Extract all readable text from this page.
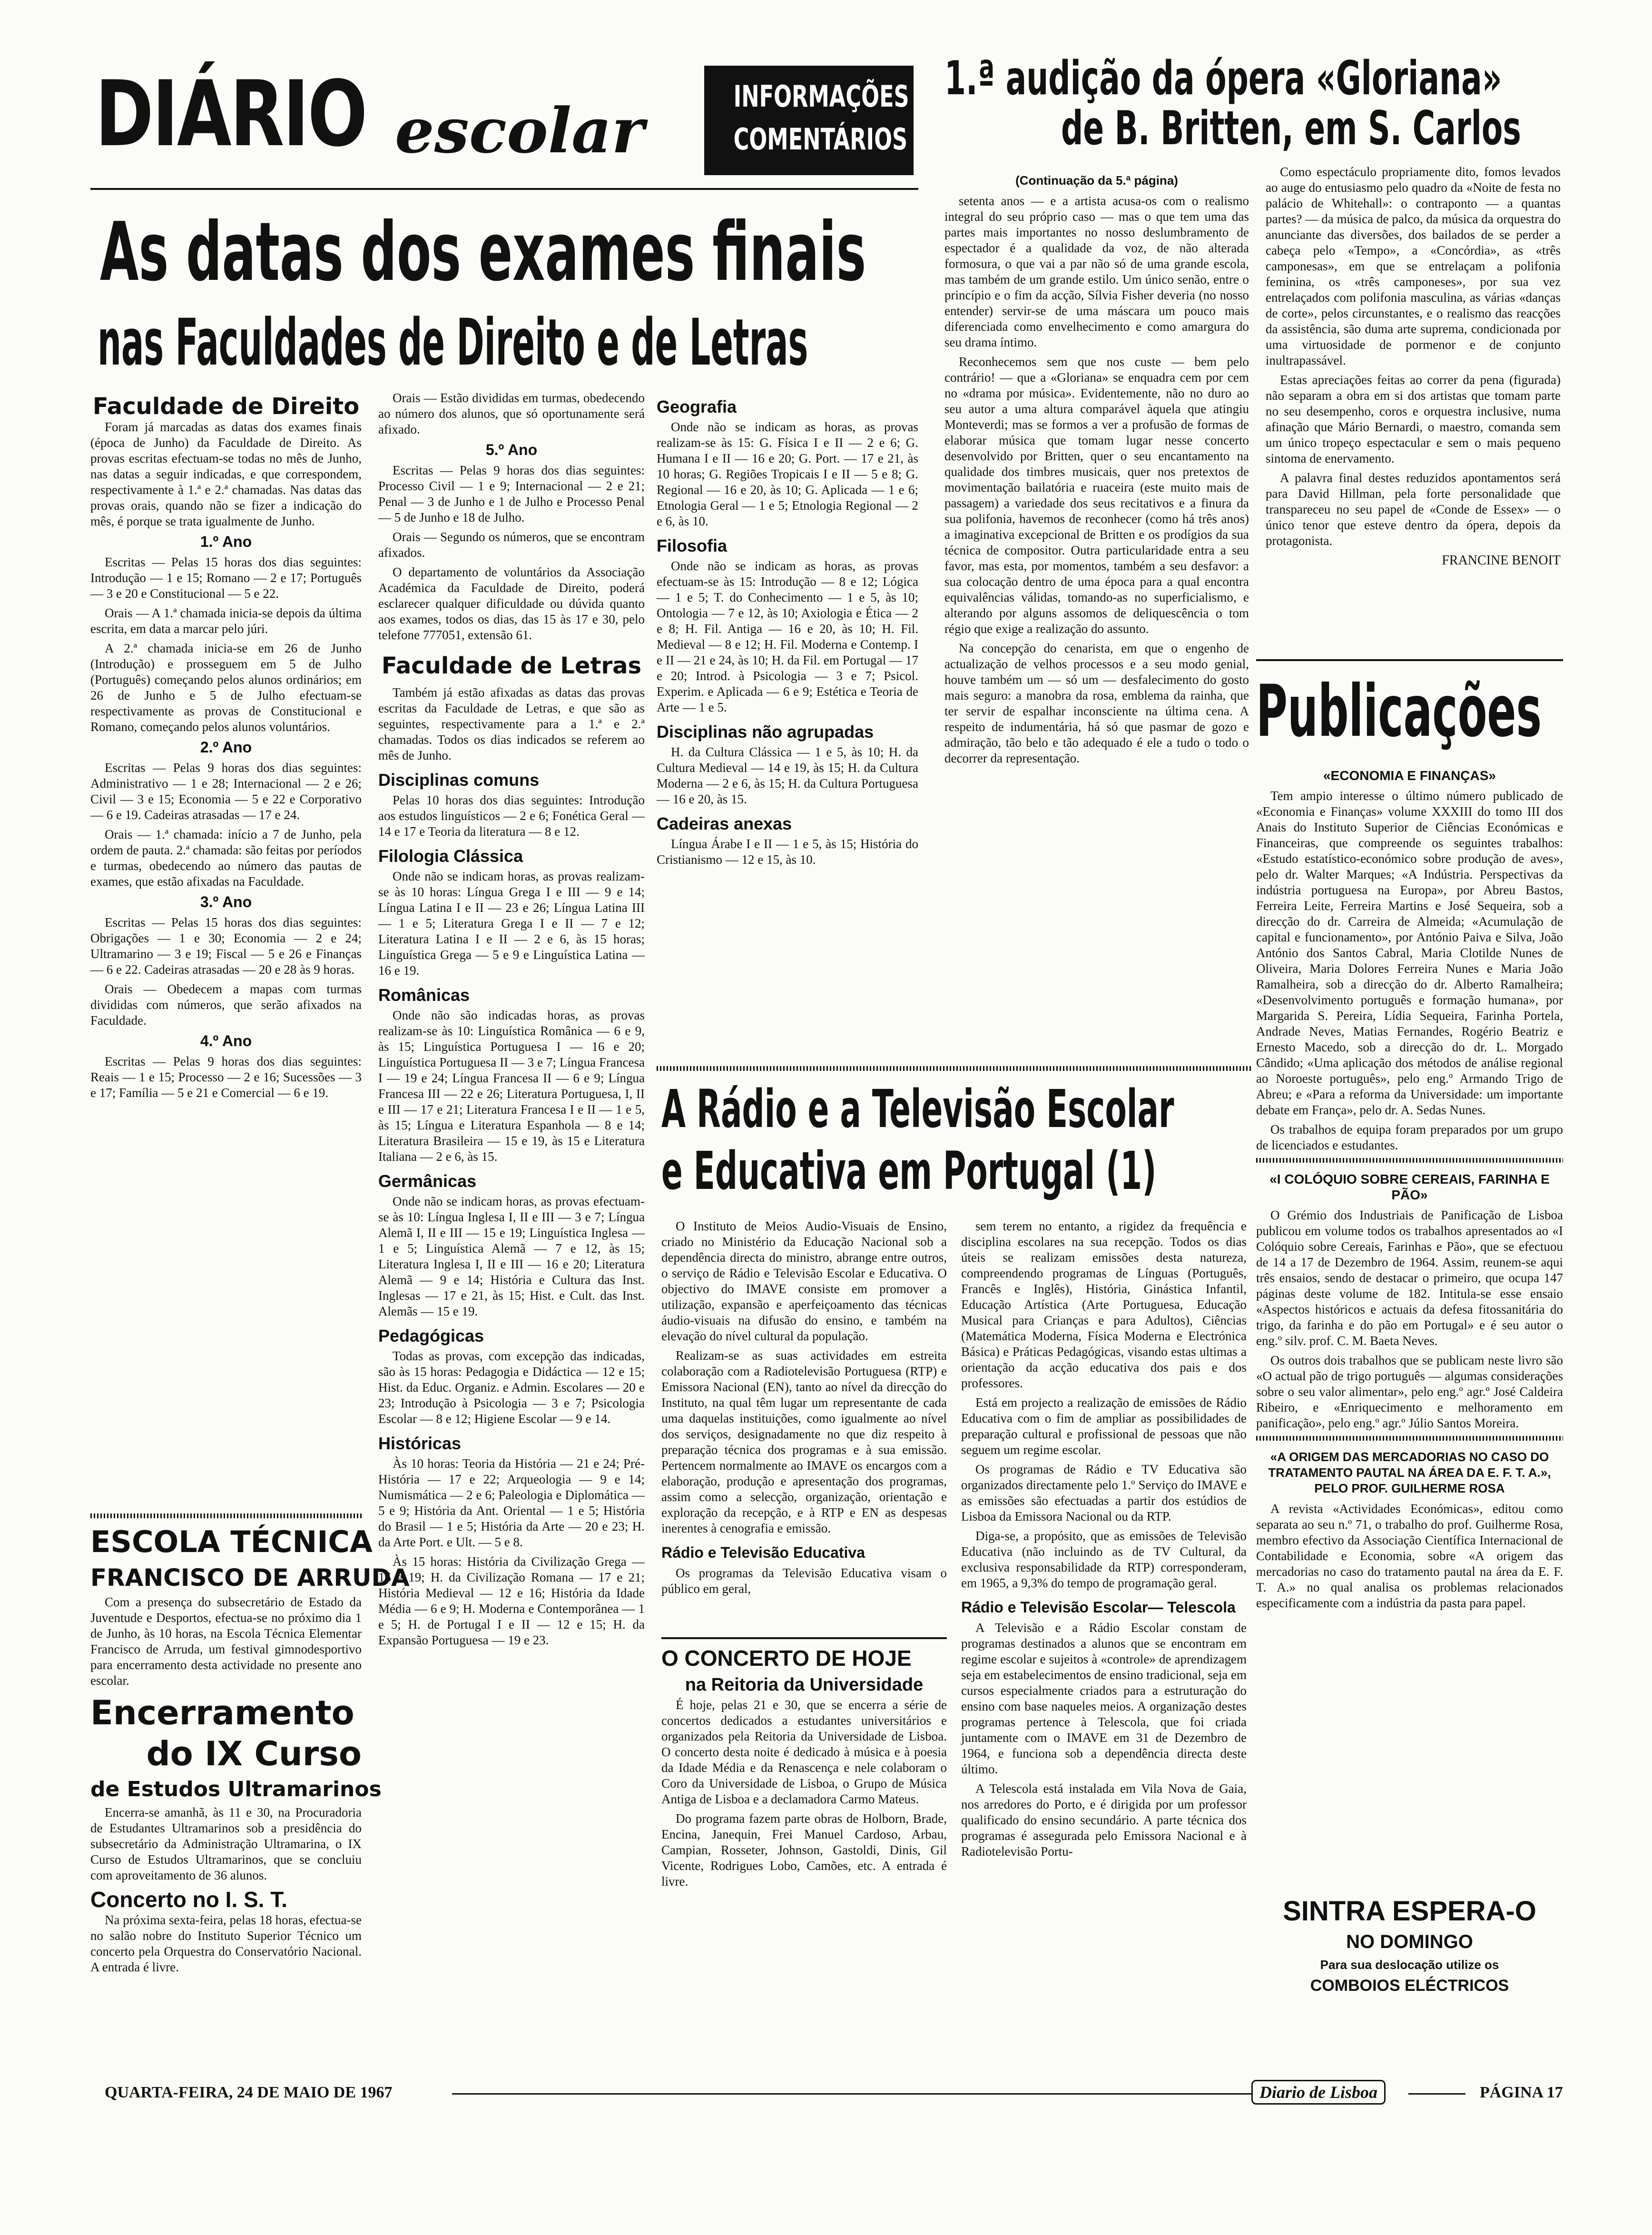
DIÁRIO escolar	INFORMAÇÕES
COMENTÁRIOS
As datas dos exames finais
nas Faculdades de Direito e de Letras
Faculdade de Direito

Foram já marcadas as datas dos exames finais (época de Junho) da Faculdade de Direito. As provas escritas efectuam-se todas no mês de Junho, nas datas a seguir indicadas, e que correspondem, respectivamente à 1.ª e 2.ª chamadas. Nas datas das provas orais, quando não se fizer a indicação do mês, é porque se trata igualmente de Junho.

1.º Ano

Escritas — Pelas 15 horas dos dias seguintes: Introdução — 1 e 15; Romano — 2 e 17; Português — 3 e 20 e Constitucional — 5 e 22.

Orais — A 1.ª chamada inicia-se depois da última escrita, em data a marcar pelo júri.

A 2.ª chamada inicia-se em 26 de Junho (Introdução) e prosseguem em 5 de Julho (Português) começando pelos alunos ordinários; em 26 de Junho e 5 de Julho efectuam-se respectivamente as provas de Constitucional e Romano, começando pelos alunos voluntários.

2.º Ano

Escritas — Pelas 9 horas dos dias seguintes: Administrativo — 1 e 28; Internacional — 2 e 26; Civil — 3 e 15; Economia — 5 e 22 e Corporativo — 6 e 19. Cadeiras atrasadas — 17 e 24.

Orais — 1.ª chamada: início a 7 de Junho, pela ordem de pauta. 2.ª chamada: são feitas por períodos e turmas, obedecendo ao número das pautas de exames, que estão afixadas na Faculdade.

3.º Ano

Escritas — Pelas 15 horas dos dias seguintes: Obrigações — 1 e 30; Economia — 2 e 24; Ultramarino — 3 e 19; Fiscal — 5 e 26 e Finanças — 6 e 22. Cadeiras atrasadas — 20 e 28 às 9 horas.

Orais — Obedecem a mapas com turmas divididas com números, que serão afixados na Faculdade.

4.º Ano

Escritas — Pelas 9 horas dos dias seguintes: Reais — 1 e 15; Processo — 2 e 16; Sucessões — 3 e 17; Família — 5 e 21 e Comercial — 6 e 19.

ESCOLA TÉCNICA
FRANCISCO DE ARRUDA

Com a presença do subsecretário de Estado da Juventude e Desportos, efectua-se no próximo dia 1 de Junho, às 10 horas, na Escola Técnica Elementar Francisco de Arruda, um festival gimnodesportivo para encerramento desta actividade no presente ano escolar.

Encerramento
do IX Curso
de Estudos Ultramarinos

Encerra-se amanhã, às 11 e 30, na Procuradoria de Estudantes Ultramarinos sob a presidência do subsecretário da Administração Ultramarina, o IX Curso de Estudos Ultramarinos, que se concluiu com aproveitamento de 36 alunos.

Concerto no I. S. T.

Na próxima sexta-feira, pelas 18 horas, efectua-se no salão nobre do Instituto Superior Técnico um concerto pela Orquestra do Conservatório Nacional. A entrada é livre.

Orais — Estão divididas em turmas, obedecendo ao número dos alunos, que só oportunamente será afixado.

5.º Ano

Escritas — Pelas 9 horas dos dias seguintes: Processo Civil — 1 e 9; Internacional — 2 e 21; Penal — 3 de Junho e 1 de Julho e Processo Penal — 5 de Junho e 18 de Julho.

Orais — Segundo os números, que se encontram afixados.

O departamento de voluntários da Associação Académica da Faculdade de Direito, poderá esclarecer qualquer dificuldade ou dúvida quanto aos exames, todos os dias, das 15 às 17 e 30, pelo telefone 777051, extensão 61.

Faculdade de Letras

Também já estão afixadas as datas das provas escritas da Faculdade de Letras, e que são as seguintes, respectivamente para a 1.ª e 2.ª chamadas. Todos os dias indicados se referem ao mês de Junho.

Disciplinas comuns

Pelas 10 horas dos dias seguintes: Introdução aos estudos linguísticos — 2 e 6; Fonética Geral — 14 e 17 e Teoria da literatura — 8 e 12.

Filologia Clássica

Onde não se indicam horas, as provas realizam-se às 10 horas: Língua Grega I e III — 9 e 14; Língua Latina I e II — 23 e 26; Língua Latina III — 1 e 5; Literatura Grega I e II — 7 e 12; Literatura Latina I e II — 2 e 6, às 15 horas; Linguística Grega — 5 e 9 e Linguística Latina — 16 e 19.

Românicas

Onde não são indicadas horas, as provas realizam-se às 10: Linguística Românica — 6 e 9, às 15; Linguística Portuguesa I — 16 e 20; Linguística Portuguesa II — 3 e 7; Língua Francesa I — 19 e 24; Língua Francesa II — 6 e 9; Língua Francesa III — 22 e 26; Literatura Portuguesa, I, II e III — 17 e 21; Literatura Francesa I e II — 1 e 5, às 15; Língua e Literatura Espanhola — 8 e 14; Literatura Brasileira — 15 e 19, às 15 e Literatura Italiana — 2 e 6, às 15.

Germânicas

Onde não se indicam horas, as provas efectuam-se às 10: Língua Inglesa I, II e III — 3 e 7; Língua Alemã I, II e III — 15 e 19; Linguística Inglesa — 1 e 5; Linguística Alemã — 7 e 12, às 15; Literatura Inglesa I, II e III — 16 e 20; Literatura Alemã — 9 e 14; História e Cultura das Inst. Inglesas — 17 e 21, às 15; Hist. e Cult. das Inst. Alemãs — 15 e 19.

Pedagógicas

Todas as provas, com excepção das indicadas, são às 15 horas: Pedagogia e Didáctica — 12 e 15; Hist. da Educ. Organiz. e Admin. Escolares — 20 e 23; Introdução à Psicologia — 3 e 7; Psicologia Escolar — 8 e 12; Higiene Escolar — 9 e 14.

Históricas

Às 10 horas: Teoria da História — 21 e 24; Pré-História — 17 e 22; Arqueologia — 9 e 14; Numismática — 2 e 6; Paleologia e Diplomática — 5 e 9; História da Ant. Oriental — 1 e 5; História do Brasil — 1 e 5; História da Arte — 20 e 23; H. da Arte Port. e Ult. — 5 e 8.

Às 15 horas: História da Civilização Grega — 15 e 19; H. da Civilização Romana — 17 e 21; História Medieval — 12 e 16; História da Idade Média — 6 e 9; H. Moderna e Contemporânea — 1 e 5; H. de Portugal I e II — 12 e 15; H. da Expansão Portuguesa — 19 e 23.

Geografia

Onde não se indicam as horas, as provas realizam-se às 15: G. Física I e II — 2 e 6; G. Humana I e II — 16 e 20; G. Port. — 17 e 21, às 10 horas; G. Regiões Tropicais I e II — 5 e 8; G. Regional — 16 e 20, às 10; G. Aplicada — 1 e 6; Etnologia Geral — 1 e 5; Etnologia Regional — 2 e 6, às 10.

Filosofia

Onde não se indicam as horas, as provas efectuam-se às 15: Introdução — 8 e 12; Lógica — 1 e 5; T. do Conhecimento — 1 e 5, às 10; Ontologia — 7 e 12, às 10; Axiologia e Ética — 2 e 8; H. Fil. Antiga — 16 e 20, às 10; H. Fil. Medieval — 8 e 12; H. Fil. Moderna e Contemp. I e II — 21 e 24, às 10; H. da Fil. em Portugal — 17 e 20; Introd. à Psicologia — 3 e 7; Psicol. Experim. e Aplicada — 6 e 9; Estética e Teoria de Arte — 1 e 5.

Disciplinas não agrupadas

H. da Cultura Clássica — 1 e 5, às 10; H. da Cultura Medieval — 14 e 19, às 15; H. da Cultura Moderna — 2 e 6, às 15; H. da Cultura Portuguesa — 16 e 20, às 15.

Cadeiras anexas

Língua Árabe I e II — 1 e 5, às 15; História do Cristianismo — 12 e 15, às 10.

1.ª audição da ópera «Gloriana»
de B. Britten, em S. Carlos
(Continuação da 5.ª página)

setenta anos — e a artista acusa-os com o realismo integral do seu próprio caso — mas o que tem uma das partes mais importantes no nosso deslumbramento de espectador é a qualidade da voz, de não alterada formosura, o que vai a par não só de uma grande escola, mas também de um grande estilo. Um único senão, entre o princípio e o fim da acção, Sílvia Fisher deveria (no nosso entender) servir-se de uma máscara um pouco mais diferenciada como envelhecimento e como amargura do seu drama íntimo.

Reconhecemos sem que nos custe — bem pelo contrário! — que a «Gloriana» se enquadra cem por cem no «drama por música». Evidentemente, não no duro ao seu autor a uma altura comparável àquela que atingiu Monteverdi; mas se formos a ver a profusão de formas de elaborar música que tomam lugar nesse concerto desenvolvido por Britten, quer o seu encantamento na qualidade dos timbres musicais, quer nos pretextos de movimentação bailatória e ruaceira (este muito mais de passagem) a variedade dos seus recitativos e a finura da sua polifonia, havemos de reconhecer (como há três anos) a imaginativa excepcional de Britten e os prodígios da sua técnica de compositor. Outra particularidade entra a seu favor, mas esta, por momentos, também a seu desfavor: a sua colocação dentro de uma época para a qual encontra equivalências válidas, tomando-as no superficialismo, e alterando por alguns assomos de deliquescência o tom régio que exige a realização do assunto.

Na concepção do cenarista, em que o engenho de actualização de velhos processos e a seu modo genial, houve também um — só um — desfalecimento do gosto mais seguro: a manobra da rosa, emblema da rainha, que ter servir de espalhar inconsciente na última cena. A respeito de indumentária, há só que pasmar de gozo e admiração, tão belo e tão adequado é ele a tudo o todo o decorrer da representação.

Como espectáculo propriamente dito, fomos levados ao auge do entusiasmo pelo quadro da «Noite de festa no palácio de Whitehall»: o contraponto — a quantas partes? — da música de palco, da música da orquestra do anunciante das diversões, dos bailados de se perder a cabeça pelo «Tempo», a «Concórdia», as «três camponesas», em que se entrelaçam a polifonia feminina, os «três camponeses», por sua vez entrelaçados com polifonia masculina, as várias «danças de corte», pelos circunstantes, e o realismo das reacções da assistência, são duma arte suprema, condicionada por uma virtuosidade de pormenor e de conjunto inultrapassável.

Estas apreciações feitas ao correr da pena (figurada) não separam a obra em si dos artistas que tomam parte no seu desempenho, coros e orquestra inclusive, numa afinação que Mário Bernardi, o maestro, comanda sem um único tropeço espectacular e sem o mais pequeno sintoma de enervamento.

A palavra final destes reduzidos apontamentos será para David Hillman, pela forte personalidade que transpareceu no seu papel de «Conde de Essex» — o único tenor que esteve dentro da ópera, depois da protagonista.

FRANCINE BENOIT
Publicações
«ECONOMIA E FINANÇAS»

Tem ampio interesse o último número publicado de «Economia e Finanças» volume XXXIII do tomo III dos Anais do Instituto Superior de Ciências Económicas e Financeiras, que compreende os seguintes trabalhos: «Estudo estatístico-económico sobre produção de aves», pelo dr. Walter Marques; «A Indústria. Perspectivas da indústria portuguesa na Europa», por Abreu Bastos, Ferreira Leite, Ferreira Martins e José Sequeira, sob a direcção do dr. Carreira de Almeida; «Acumulação de capital e funcionamento», por António Paiva e Silva, João António dos Santos Cabral, Maria Clotilde Nunes de Oliveira, Maria Dolores Ferreira Nunes e Maria João Ramalheira, sob a direcção do dr. Alberto Ramalheira; «Desenvolvimento português e formação humana», por Margarida S. Pereira, Lídia Sequeira, Farinha Portela, Andrade Neves, Matias Fernandes, Rogério Beatriz e Ernesto Macedo, sob a direcção do dr. L. Morgado Cândido; «Uma aplicação dos métodos de análise regional ao Noroeste português», pelo eng.º Armando Trigo de Abreu; e «Para a reforma da Universidade: um importante debate em França», pelo dr. A. Sedas Nunes.

Os trabalhos de equipa foram preparados por um grupo de licenciados e estudantes.

«I COLÓQUIO SOBRE CEREAIS, FARINHA E PÃO»

O Grémio dos Industriais de Panificação de Lisboa publicou em volume todos os trabalhos apresentados ao «I Colóquio sobre Cereais, Farinhas e Pão», que se efectuou de 14 a 17 de Dezembro de 1964. Assim, reunem-se aqui três ensaios, sendo de destacar o primeiro, que ocupa 147 páginas deste volume de 182. Intitula-se esse ensaio «Aspectos históricos e actuais da defesa fitossanitária do trigo, da farinha e do pão em Portugal» e é seu autor o eng.º silv. prof. C. M. Baeta Neves.

Os outros dois trabalhos que se publicam neste livro são «O actual pão de trigo português — algumas considerações sobre o seu valor alimentar», pelo eng.º agr.º José Caldeira Ribeiro, e «Enriquecimento e melhoramento em panificação», pelo eng.º agr.º Júlio Santos Moreira.

«A ORIGEM DAS MERCADORIAS NO CASO DO TRATAMENTO PAUTAL NA ÁREA DA E. F. T. A.», PELO PROF. GUILHERME ROSA

A revista «Actividades Económicas», editou como separata ao seu n.º 71, o trabalho do prof. Guilherme Rosa, membro efectivo da Associação Científica Internacional de Contabilidade e Economia, sobre «A origem das mercadorias no caso do tratamento pautal na área da E. F. T. A.» no qual analisa os problemas relacionados especificamente com a indústria da pasta para papel.

SINTRA ESPERA-O
NO DOMINGO
Para sua deslocação utilize os
COMBOIOS ELÉCTRICOS
A Rádio e a Televisão Escolar
e Educativa em Portugal (1)

O Instituto de Meios Audio-Visuais de Ensino, criado no Ministério da Educação Nacional sob a dependência directa do ministro, abrange entre outros, o serviço de Rádio e Televisão Escolar e Educativa. O objectivo do IMAVE consiste em promover a utilização, expansão e aperfeiçoamento das técnicas áudio-visuais na difusão do ensino, e também na elevação do nível cultural da população.

Realizam-se as suas actividades em estreita colaboração com a Radiotelevisão Portuguesa (RTP) e Emissora Nacional (EN), tanto ao nível da direcção do Instituto, na qual têm lugar um representante de cada uma daquelas instituições, como igualmente ao nível dos serviços, designadamente no que diz respeito à preparação técnica dos programas e à sua emissão. Pertencem normalmente ao IMAVE os encargos com a elaboração, produção e apresentação dos programas, assim como a selecção, organização, orientação e exploração da recepção, e à RTP e EN as despesas inerentes à cenografia e emissão.

Rádio e Televisão Educativa

Os programas da Televisão Educativa visam o público em geral,

sem terem no entanto, a rigidez da frequência e disciplina escolares na sua recepção. Todos os dias úteis se realizam emissões desta natureza, compreendendo programas de Línguas (Português, Francês e Inglês), História, Ginástica Infantil, Educação Artística (Arte Portuguesa, Educação Musical para Crianças e para Adultos), Ciências (Matemática Moderna, Física Moderna e Electrónica Básica) e Práticas Pedagógicas, visando estas ultimas a orientação da acção educativa dos pais e dos professores.

Está em projecto a realização de emissões de Rádio Educativa com o fim de ampliar as possibilidades de preparação cultural e profissional de pessoas que não seguem um regime escolar.

Os programas de Rádio e TV Educativa são organizados directamente pelo 1.º Serviço do IMAVE e as emissões são efectuadas a partir dos estúdios de Lisboa da Emissora Nacional ou da RTP.

Diga-se, a propósito, que as emissões de Televisão Educativa (não incluindo as de TV Cultural, da exclusiva responsabilidade da RTP) corresponderam, em 1965, a 9,3% do tempo de programação geral.

Rádio e Televisão Escolar— Telescola

A Televisão e a Rádio Escolar constam de programas destinados a alunos que se encontram em regime escolar e sujeitos à «controle» de aprendizagem seja em estabelecimentos de ensino tradicional, seja em cursos especialmente criados para a estruturação do ensino com base naqueles meios. A organização destes programas pertence à Telescola, que foi criada juntamente com o IMAVE em 31 de Dezembro de 1964, e funciona sob a dependência directa deste último.

A Telescola está instalada em Vila Nova de Gaia, nos arredores do Porto, e é dirigida por um professor qualificado do ensino secundário. A parte técnica dos programas é assegurada pelo Emissora Nacional e à Radiotelevisão Portu-

O CONCERTO DE HOJE
na Reitoria da Universidade

É hoje, pelas 21 e 30, que se encerra a série de concertos dedicados a estudantes universitários e organizados pela Reitoria da Universidade de Lisboa. O concerto desta noite é dedicado à música e à poesia da Idade Média e da Renascença e nele colaboram o Coro da Universidade de Lisboa, o Grupo de Música Antiga de Lisboa e a declamadora Carmo Mateus.

Do programa fazem parte obras de Holborn, Brade, Encina, Janequin, Frei Manuel Cardoso, Arbau, Campian, Rosseter, Johnson, Gastoldi, Dinis, Gil Vicente, Rodrigues Lobo, Camões, etc. A entrada é livre.

QUARTA-FEIRA, 24 DE MAIO DE 1967	Diario de Lisboa	PÁGINA 17
